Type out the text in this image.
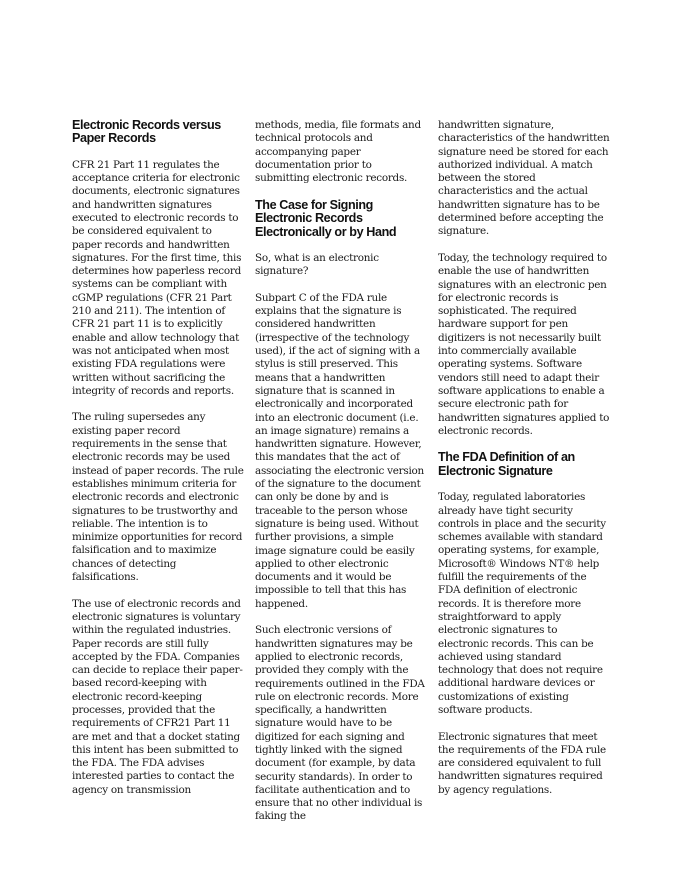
Electronic Records versus Paper Records

CFR 21 Part 11 regulates the acceptance criteria for electronic documents, electronic signatures and handwritten signatures executed to electronic records to be considered equivalent to paper records and handwritten signatures. For the first time, this determines how paperless record systems can be compliant with cGMP regulations (CFR 21 Part 210 and 211). The intention of CFR 21 part 11 is to explicitly enable and allow technology that was not anticipated when most existing FDA regulations were written without sacrificing the integrity of records and reports.

The ruling supersedes any existing paper record requirements in the sense that electronic records may be used instead of paper records. The rule establishes minimum criteria for electronic records and electronic signatures to be trustworthy and reliable. The intention is to minimize opportunities for record falsification and to maximize chances of detecting falsifications.

The use of electronic records and electronic signatures is voluntary within the regulated industries. Paper records are still fully accepted by the FDA. Companies can decide to replace their paper-based record-keeping with electronic record-keeping processes, provided that the requirements of CFR21 Part 11 are met and that a docket stating this intent has been submitted to the FDA. The FDA advises interested parties to contact the agency on transmission

methods, media, file formats and technical protocols and accompanying paper documentation prior to submitting electronic records.

The Case for Signing Electronic Records Electronically or by Hand

So, what is an electronic signature?

Subpart C of the FDA rule explains that the signature is considered handwritten (irrespective of the technology used), if the act of signing with a stylus is still preserved. This means that a handwritten signature that is scanned in electronically and incorporated into an electronic document (i.e. an image signature) remains a handwritten signature. However, this mandates that the act of associating the electronic version of the signature to the document can only be done by and is traceable to the person whose signature is being used. Without further provisions, a simple image signature could be easily applied to other electronic documents and it would be impossible to tell that this has happened.

Such electronic versions of handwritten signatures may be applied to electronic records, provided they comply with the requirements outlined in the FDA rule on electronic records. More specifically, a handwritten signature would have to be digitized for each signing and tightly linked with the signed document (for example, by data security standards). In order to facilitate authentication and to ensure that no other individual is faking the

handwritten signature, characteristics of the handwritten signature need be stored for each authorized individual. A match between the stored characteristics and the actual handwritten signature has to be determined before accepting the signature.

Today, the technology required to enable the use of handwritten signatures with an electronic pen for electronic records is sophisticated. The required hardware support for pen digitizers is not necessarily built into commercially available operating systems. Software vendors still need to adapt their software applications to enable a secure electronic path for handwritten signatures applied to electronic records.

The FDA Definition of an Electronic Signature

Today, regulated laboratories already have tight security controls in place and the security schemes available with standard operating systems, for example, Microsoft® Windows NT® help fulfill the requirements of the FDA definition of electronic records. It is therefore more straightforward to apply electronic signatures to electronic records. This can be achieved using standard technology that does not require additional hardware devices or customizations of existing software products.

Electronic signatures that meet the requirements of the FDA rule are considered equivalent to full handwritten signatures required by agency regulations.
